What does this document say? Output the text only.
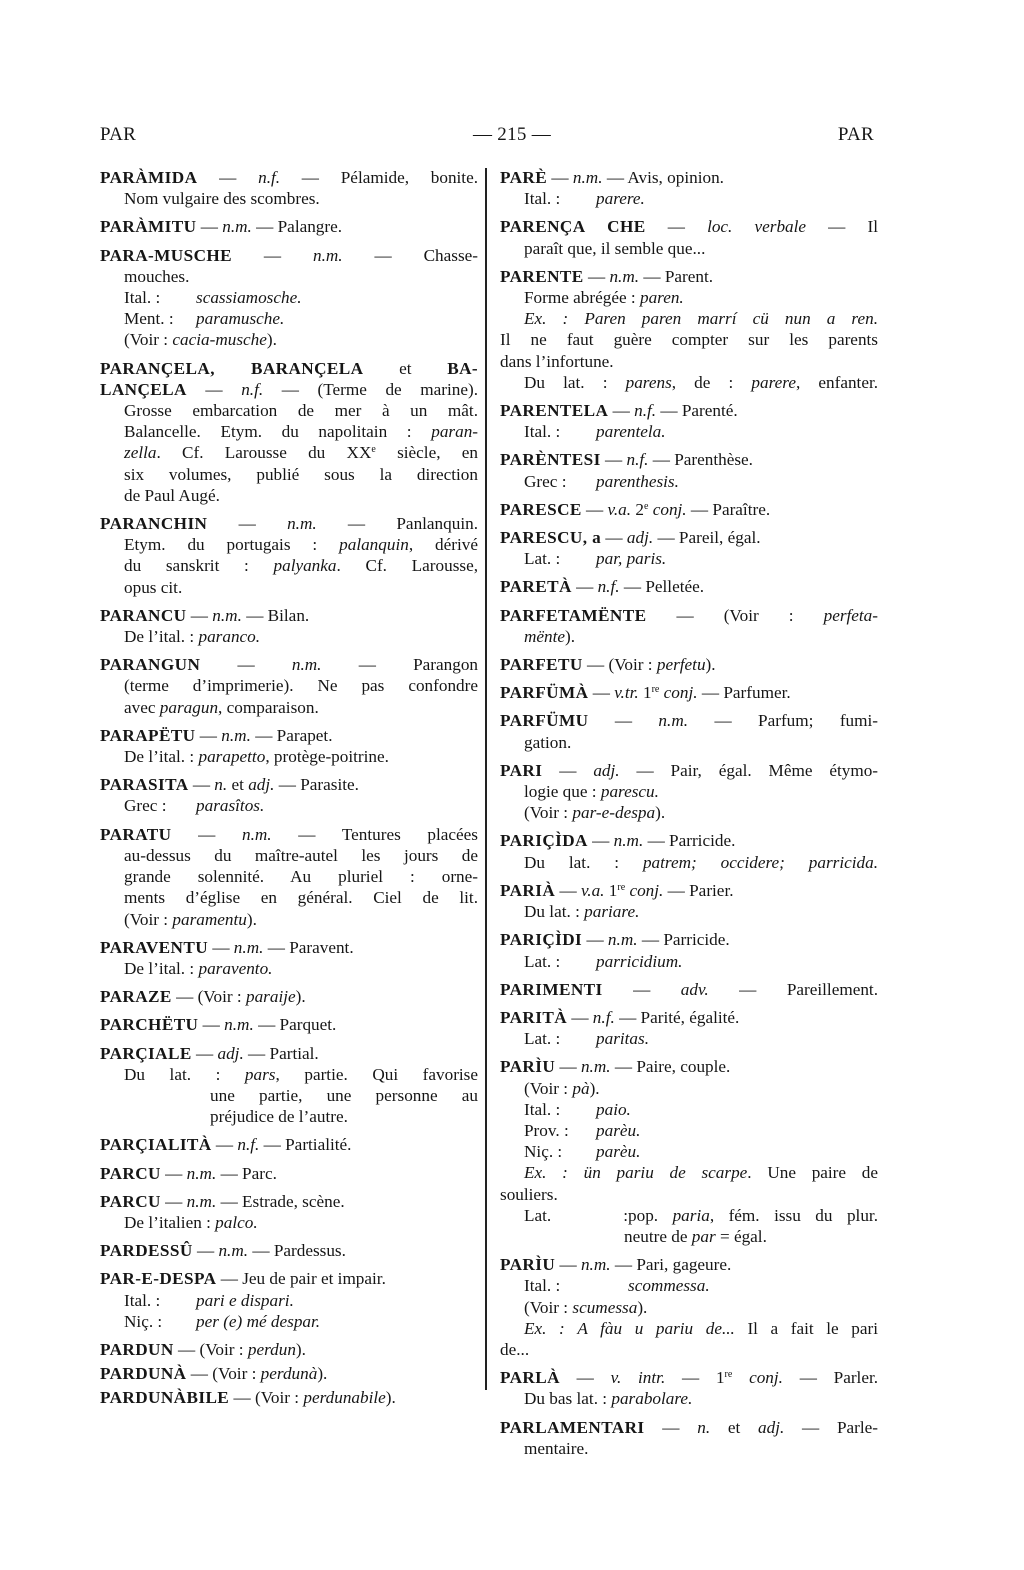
PAR	— 215 —	PAR
PARÀMIDA — n.f. — Pélamide, bonite.
Nom vulgaire des scombres.
PARÀMITU — n.m. — Palangre.
PARA-MUSCHE — n.m. — Chasse-
mouches.
Ital. : scassiamosche.
Ment. : paramusche.
(Voir : cacia-musche).
PARANÇELA, BARANÇELA et BA-
LANÇELA — n.f. — (Terme de marine).
Grosse embarcation de mer à un mât.
Balancelle. Etym. du napolitain : paran-
zella. Cf. Larousse du XXe siècle, en
six volumes, publié sous la direction
de Paul Augé.
PARANCHIN — n.m. — Panlanquin.
Etym. du portugais : palanquin, dérivé
du sanskrit : palyanka. Cf. Larousse,
opus cit.
PARANCU — n.m. — Bilan.
De l’ital. : paranco.
PARANGUN — n.m. — Parangon
(terme d’imprimerie). Ne pas confondre
avec paragun, comparaison.
PARAPËTU — n.m. — Parapet.
De l’ital. : parapetto, protège-poitrine.
PARASITA — n. et adj. — Parasite.
Grec : parasîtos.
PARATU — n.m. — Tentures placées
au-dessus du maître-autel les jours de
grande solennité. Au pluriel : orne-
ments d’église en général. Ciel de lit.
(Voir : paramentu).
PARAVENTU — n.m. — Paravent.
De l’ital. : paravento.
PARAZE — (Voir : paraije).
PARCHËTU — n.m. — Parquet.
PARÇIALE — adj. — Partial.
Du lat. : pars, partie. Qui favorise
une partie, une personne au
préjudice de l’autre.
PARÇIALITÀ — n.f. — Partialité.
PARCU — n.m. — Parc.
PARCU — n.m. — Estrade, scène.
De l’italien : palco.
PARDESSÛ — n.m. — Pardessus.
PAR-E-DESPA — Jeu de pair et impair.
Ital. : pari e dispari.
Niç. : per (e) mé despar.
PARDUN — (Voir : perdun).
PARDUNÀ — (Voir : perdunà).
PARDUNÀBILE — (Voir : perdunabile).
PARÈ — n.m. — Avis, opinion.
Ital. : parere.
PARENÇA CHE — loc. verbale — Il
paraît que, il semble que...
PARENTE — n.m. — Parent.
Forme abrégée : paren.
Ex. : Paren paren marrí cü nun a ren.
Il ne faut guère compter sur les parents
dans l’infortune.
Du lat. : parens, de : parere, enfanter.
PARENTELA — n.f. — Parenté.
Ital. : parentela.
PARÈNTESI — n.f. — Parenthèse.
Grec : parenthesis.
PARESCE — v.a. 2e conj. — Paraître.
PARESCU, a — adj. — Pareil, égal.
Lat. : par, paris.
PARETÀ — n.f. — Pelletée.
PARFETAMËNTE — (Voir : perfeta-
mënte).
PARFETU — (Voir : perfetu).
PARFÜMÀ — v.tr. 1re conj. — Parfumer.
PARFÜMU — n.m. — Parfum; fumi-
gation.
PARI — adj. — Pair, égal. Même étymo-
logie que : parescu.
(Voir : par-e-despa).
PARIÇÌDA — n.m. — Parricide.
Du lat. : patrem; occidere; parricida.
PARIÀ — v.a. 1re conj. — Parier.
Du lat. : pariare.
PARIÇÌDI — n.m. — Parricide.
Lat. : parricidium.
PARIMENTI — adv. — Pareillement.
PARITÀ — n.f. — Parité, égalité.
Lat. : paritas.
PARÌU — n.m. — Paire, couple.
(Voir : pà).
Ital. : paio.
Prov. : parèu.
Niç. : parèu.
Ex. : ün pariu de scarpe. Une paire de
souliers.
Lat. :pop. paria, fém. issu du plur.
neutre de par = égal.
PARÌU — n.m. — Pari, gageure.
Ital. :	scommessa.
(Voir : scumessa).
Ex. : A fàu u pariu de... Il a fait le pari
de...
PARLÀ — v. intr. — 1re conj. — Parler.
Du bas lat. : parabolare.
PARLAMENTARI — n. et adj. — Parle-
mentaire.
